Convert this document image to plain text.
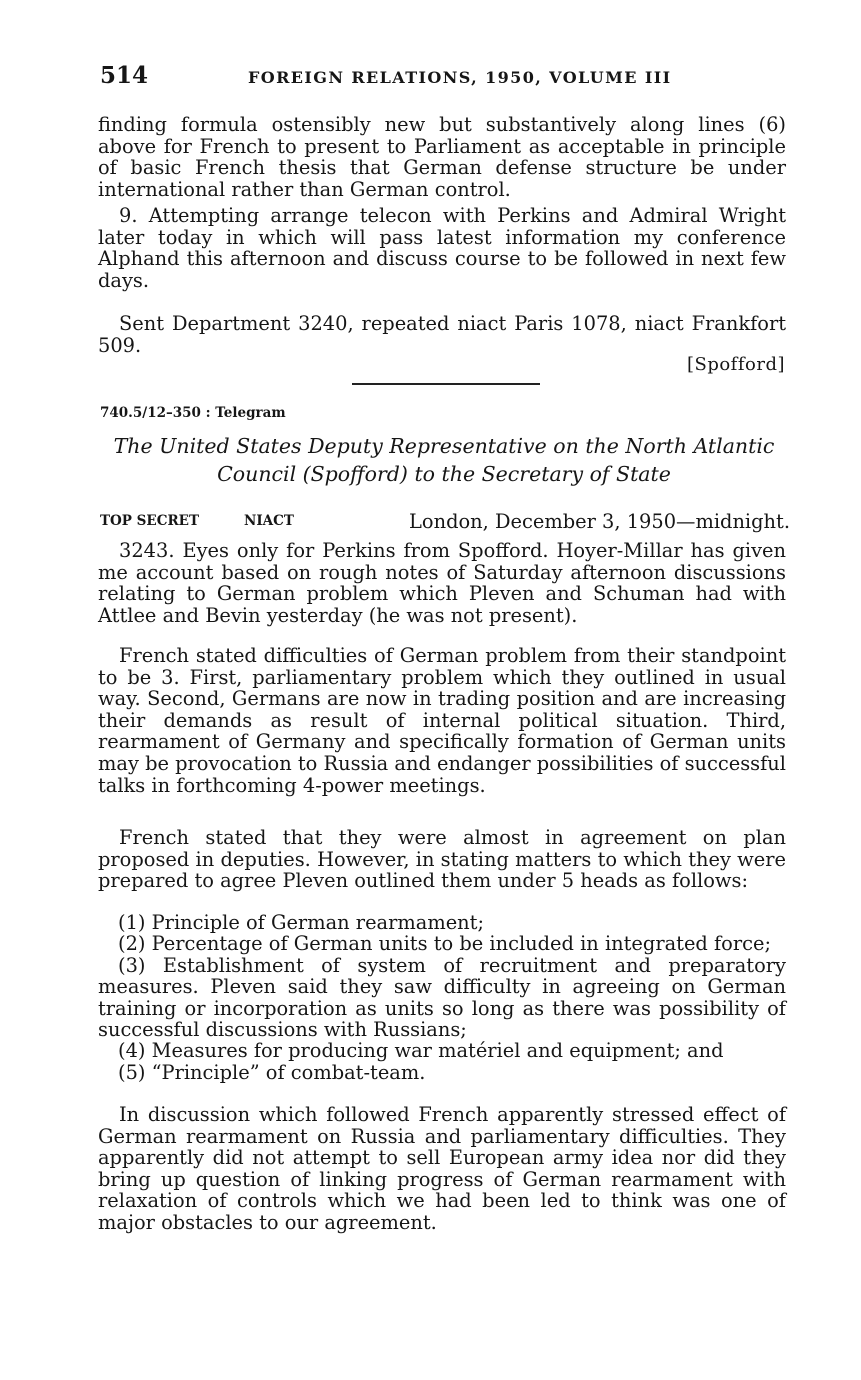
514	FOREIGN RELATIONS, 1950, VOLUME III

finding formula ostensibly new but substantively along lines (6) above for French to present to Parliament as acceptable in principle of basic French thesis that German defense structure be under international rather than German control.

9. Attempting arrange telecon with Perkins and Admiral Wright later today in which will pass latest information my conference Alphand this afternoon and discuss course to be followed in next few days.

Sent Department 3240, repeated niact Paris 1078, niact Frankfort 509.

[Spofford]
740.5/12–350 : Telegram
The United States Deputy Representative on the North Atlantic
Council (Spofford) to the Secretary of State
TOP SECRET	NIACT	London, December 3, 1950—midnight.

3243. Eyes only for Perkins from Spofford. Hoyer-Millar has given me account based on rough notes of Saturday afternoon discussions relating to German problem which Pleven and Schuman had with Attlee and Bevin yesterday (he was not present).

French stated difficulties of German problem from their standpoint to be 3. First, parliamentary problem which they outlined in usual way. Second, Germans are now in trading position and are increasing their demands as result of internal political situation. Third, rearmament of Germany and specifically formation of German units may be provocation to Russia and endanger possibilities of successful talks in forthcoming 4-power meetings.

French stated that they were almost in agreement on plan proposed in deputies. However, in stating matters to which they were prepared to agree Pleven outlined them under 5 heads as follows:

(1) Principle of German rearmament;
(2) Percentage of German units to be included in integrated force;
(3) Establishment of system of recruitment and preparatory measures. Pleven said they saw difficulty in agreeing on German training or incorporation as units so long as there was possibility of successful discussions with Russians;
(4) Measures for producing war matériel and equipment; and
(5) “Principle” of combat-team.

In discussion which followed French apparently stressed effect of German rearmament on Russia and parliamentary difficulties. They apparently did not attempt to sell European army idea nor did they bring up question of linking progress of German rearmament with relaxation of controls which we had been led to think was one of major obstacles to our agreement.
